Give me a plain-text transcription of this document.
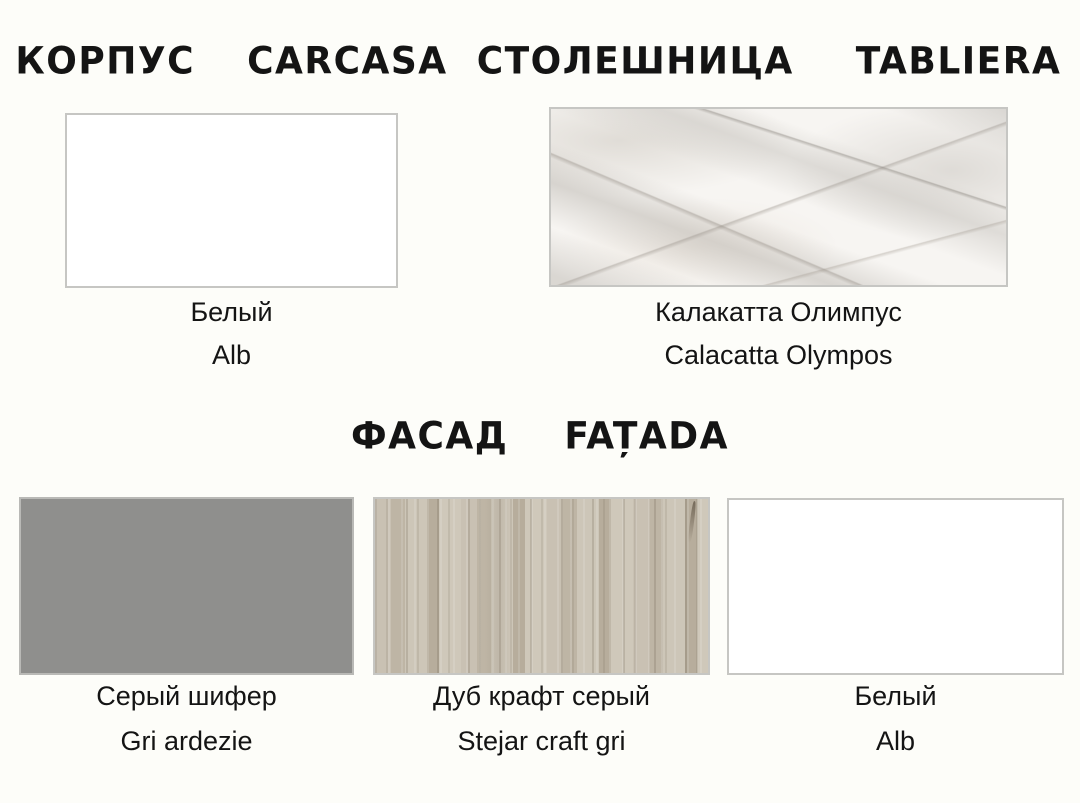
КОРПУС CARCASA
Белый
Alb
СТОЛЕШНИЦА TABLIERA
Калакатта Олимпус
Calacatta Olympos
ФАСАД FAȚADA
Серый шифер
Gri ardezie
Дуб крафт серый
Stejar craft gri
Белый
Alb
